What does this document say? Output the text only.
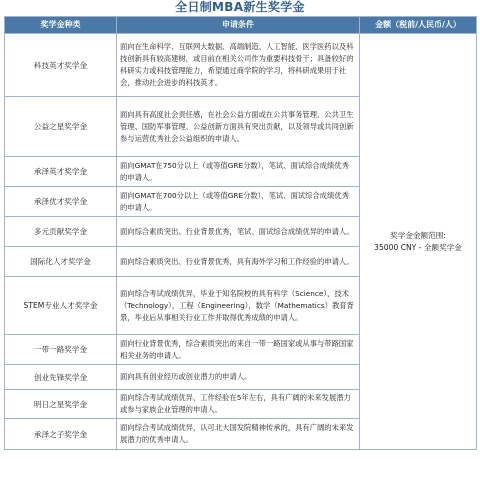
全日制MBA新生奖学金
奖学金种类	申请条件	金额（税前/人民币/人）
科技英才奖学金	面向在生命科学、互联网大数据、高端制造、人工智能、医学医药以及科技创新具有较高建树，或目前在相关公司作为重要科技骨干；具备较好的科研实力或科技管理能力，希望通过商学院的学习，将科研成果用于社会，推动社会进步的科技英才。	奖学金金额范围:
35000 CNY - 全额奖学金

公益之星奖学金	面向具有高度社会责任感，在社会公益方面或在公共事务管理、公共卫生管理、国防军事管理、公益创新方面具有突出贡献，以及领导或共同创新参与运营优秀社会公益组织的申请人。	
承泽英才奖学金	面向GMAT在750分以上（或等值GRE分数），笔试、面试综合成绩优秀的申请人。	
承泽优才奖学金	面向GMAT在700分以上（或等值GRE分数），笔试、面试综合成绩优秀的申请人。	
多元贡献奖学金	面向综合素质突出、行业背景优秀，笔试、面试综合成绩优异的申请人。	
国际化人才奖学金	面向综合素质突出、行业背景优秀，具有海外学习和工作经验的申请人。	
STEM专业人才奖学金	面向综合考试成绩优异，毕业于知名院校的具有科学（Science），技术（Technology），工程（Engineering），数学（Mathematics）教育背景，毕业后从事相关行业工作并取得优秀成绩的申请人。	
一带一路奖学金	面向行业背景优秀，综合素质突出的来自一带一路国家或从事与带路国家相关业务的申请人。	
创业先锋奖学金	面向具有创业经历或创业潜力的申请人。	
明日之星奖学金	面向综合考试成绩优异，工作经验在5年左右，具有广阔的未来发展潜力或参与家族企业管理的申请人。	
承泽之子奖学金	面向综合考试成绩优异，认可北大国发院精神传承的，具有广阔的未来发展潜力的优秀申请人。	
